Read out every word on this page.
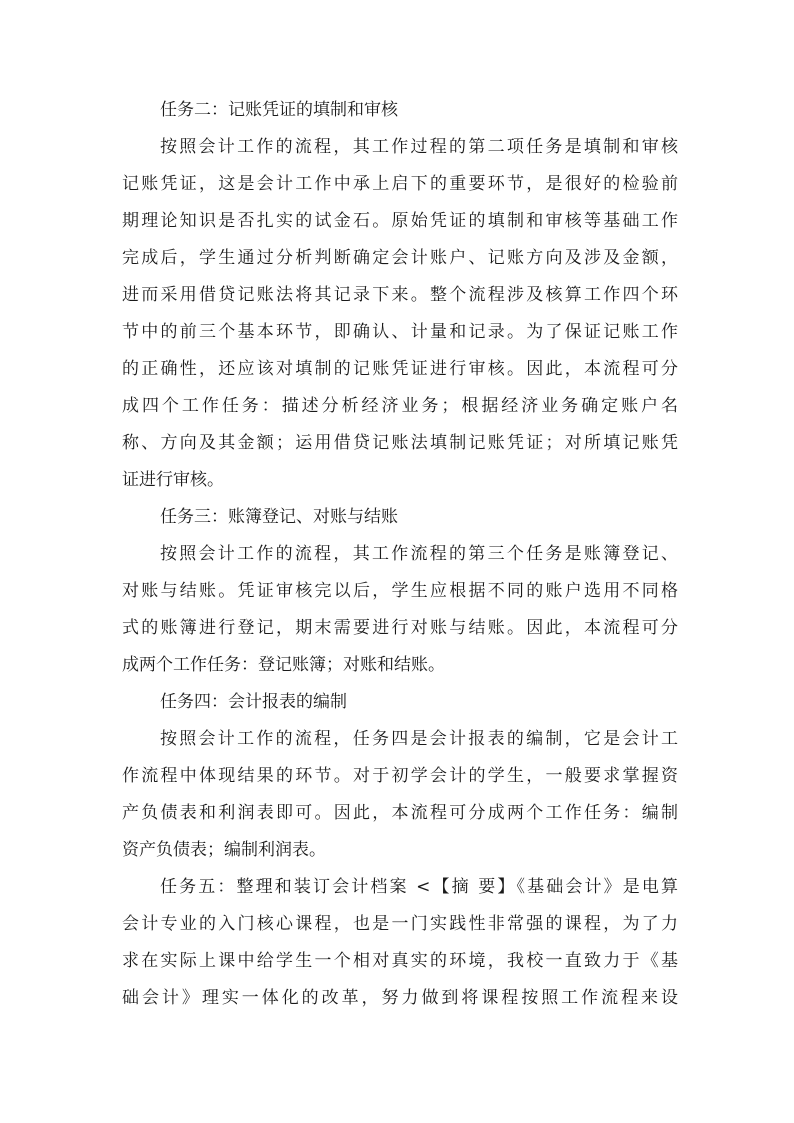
任务二：记账凭证的填制和审核

按照会计工作的流程，其工作过程的第二项任务是填制和审核
记账凭证，这是会计工作中承上启下的重要环节，是很好的检验前
期理论知识是否扎实的试金石。原始凭证的填制和审核等基础工作
完成后，学生通过分析判断确定会计账户、记账方向及涉及金额，
进而采用借贷记账法将其记录下来。整个流程涉及核算工作四个环
节中的前三个基本环节，即确认、计量和记录。为了保证记账工作
的正确性，还应该对填制的记账凭证进行审核。因此，本流程可分
成四个工作任务：描述分析经济业务；根据经济业务确定账户名
称、方向及其金额；运用借贷记账法填制记账凭证；对所填记账凭
证进行审核。

任务三：账簿登记、对账与结账

按照会计工作的流程，其工作流程的第三个任务是账簿登记、
对账与结账。凭证审核完以后，学生应根据不同的账户选用不同格
式的账簿进行登记，期末需要进行对账与结账。因此，本流程可分
成两个工作任务：登记账簿；对账和结账。

任务四：会计报表的编制

按照会计工作的流程，任务四是会计报表的编制，它是会计工
作流程中体现结果的环节。对于初学会计的学生，一般要求掌握资
产负债表和利润表即可。因此，本流程可分成两个工作任务：编制
资产负债表；编制利润表。

任务五：整理和装订会计档案 <【摘 要】《基础会计》是电算
会计专业的入门核心课程，也是一门实践性非常强的课程，为了力
求在实际上课中给学生一个相对真实的环境，我校一直致力于《基
础会计》理实一体化的改革，努力做到将课程按照工作流程来设
